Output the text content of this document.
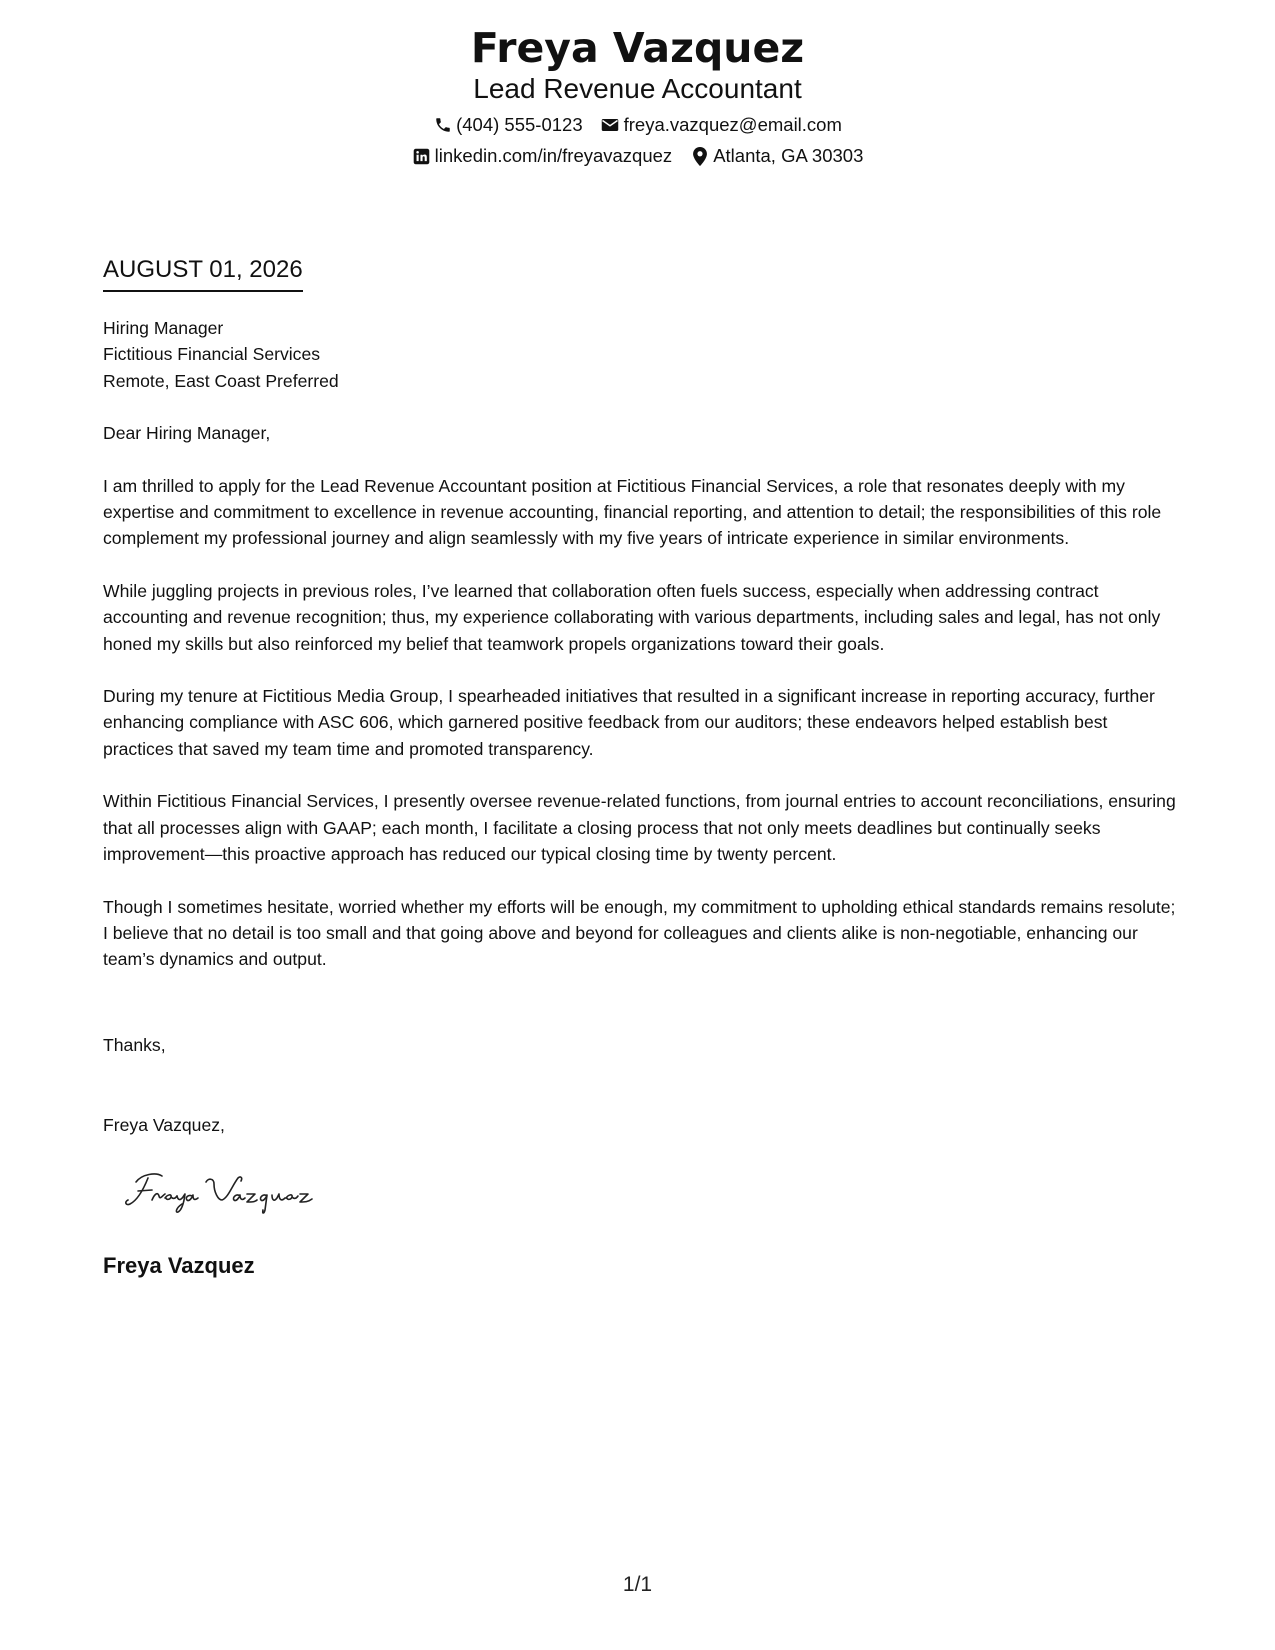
Freya Vazquez
Lead Revenue Accountant
(404) 555-0123 freya.vazquez@email.com
linkedin.com/in/freyavazquez Atlanta, GA 30303
AUGUST 01, 2026
Hiring Manager
Fictitious Financial Services
Remote, East Coast Preferred

Dear Hiring Manager,

I am thrilled to apply for the Lead Revenue Accountant position at Fictitious Financial Services, a role that resonates deeply with my expertise and commitment to excellence in revenue accounting, financial reporting, and attention to detail; the responsibilities of this role complement my professional journey and align seamlessly with my five years of intricate experience in similar environments.

While juggling projects in previous roles, I’ve learned that collaboration often fuels success, especially when addressing contract accounting and revenue recognition; thus, my experience collaborating with various departments, including sales and legal, has not only honed my skills but also reinforced my belief that teamwork propels organizations toward their goals.

During my tenure at Fictitious Media Group, I spearheaded initiatives that resulted in a significant increase in reporting accuracy, further enhancing compliance with ASC 606, which garnered positive feedback from our auditors; these endeavors helped establish best practices that saved my team time and promoted transparency.

Within Fictitious Financial Services, I presently oversee revenue-related functions, from journal entries to account reconciliations, ensuring that all processes align with GAAP; each month, I facilitate a closing process that not only meets deadlines but continually seeks improvement—this proactive approach has reduced our typical closing time by twenty percent.

Though I sometimes hesitate, worried whether my efforts will be enough, my commitment to upholding ethical standards remains resolute; I believe that no detail is too small and that going above and beyond for colleagues and clients alike is non-negotiable, enhancing our team’s dynamics and output.

Thanks,
Freya Vazquez,
Freya Vazquez
1/1
